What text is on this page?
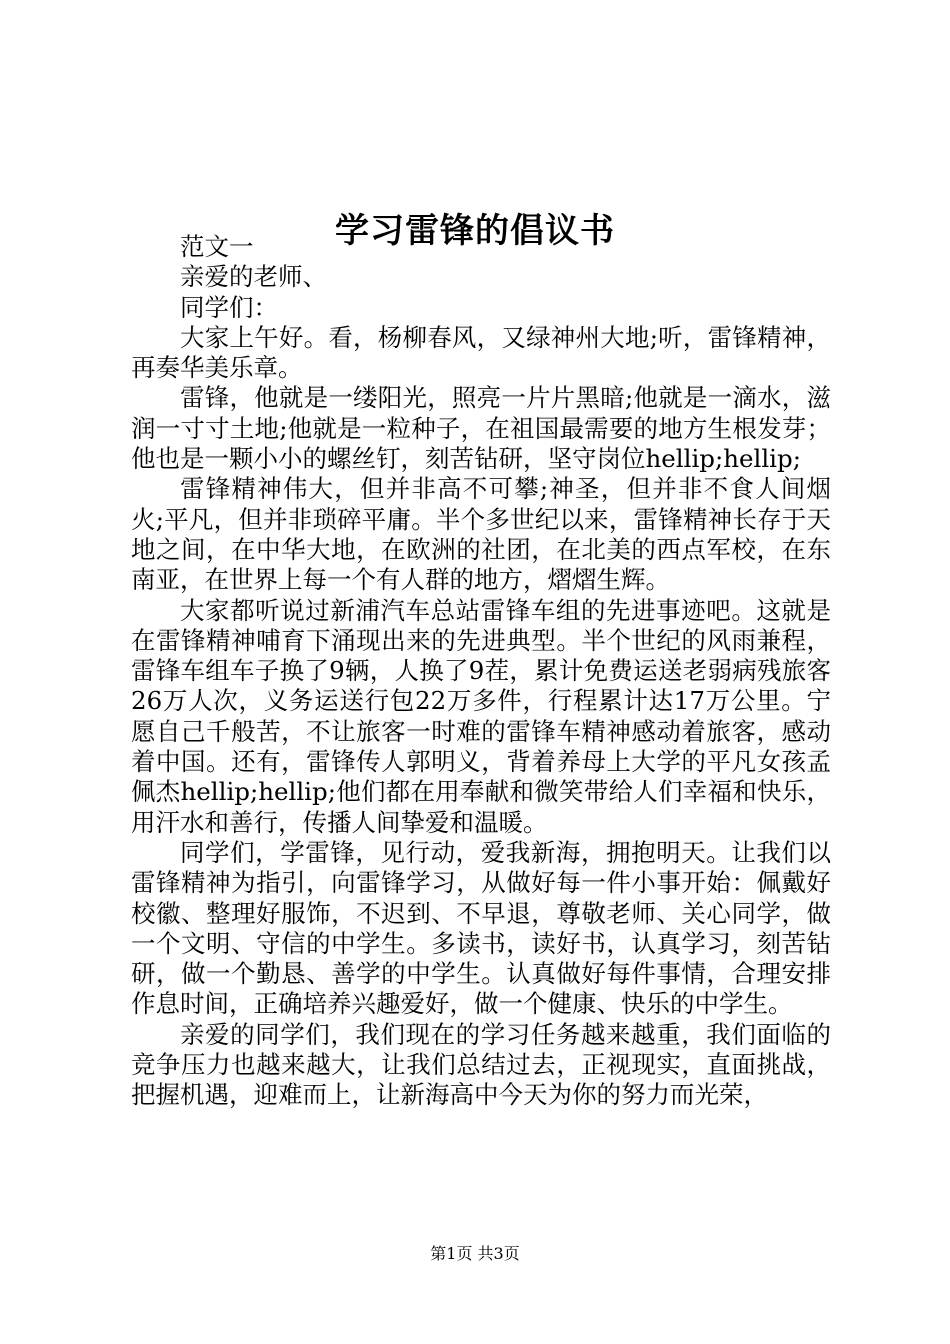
学习雷锋的倡议书

范文一

亲爱的老师、

同学们：

大家上午好。看，杨柳春风，又绿神州大地;听，雷锋精神，再奏华美乐章。

雷锋，他就是一缕阳光，照亮一片片黑暗;他就是一滴水，滋润一寸寸土地;他就是一粒种子，在祖国最需要的地方生根发芽；他也是一颗小小的螺丝钉，刻苦钻研，坚守岗位hellip;hellip;

雷锋精神伟大，但并非高不可攀;神圣，但并非不食人间烟火;平凡，但并非琐碎平庸。半个多世纪以来，雷锋精神长存于天地之间，在中华大地，在欧洲的社团，在北美的西点军校，在东南亚，在世界上每一个有人群的地方，熠熠生辉。

大家都听说过新浦汽车总站雷锋车组的先进事迹吧。这就是在雷锋精神哺育下涌现出来的先进典型。半个世纪的风雨兼程，雷锋车组车子换了9辆，人换了9茬，累计免费运送老弱病残旅客26万人次，义务运送行包22万多件，行程累计达17万公里。宁愿自己千般苦，不让旅客一时难的雷锋车精神感动着旅客，感动着中国。还有，雷锋传人郭明义，背着养母上大学的平凡女孩孟佩杰hellip;hellip;他们都在用奉献和微笑带给人们幸福和快乐，用汗水和善行，传播人间挚爱和温暖。

同学们，学雷锋，见行动，爱我新海，拥抱明天。让我们以雷锋精神为指引，向雷锋学习，从做好每一件小事开始：佩戴好校徽、整理好服饰，不迟到、不早退，尊敬老师、关心同学，做一个文明、守信的中学生。多读书，读好书，认真学习，刻苦钻研，做一个勤恳、善学的中学生。认真做好每件事情，合理安排作息时间，正确培养兴趣爱好，做一个健康、快乐的中学生。

亲爱的同学们，我们现在的学习任务越来越重，我们面临的竞争压力也越来越大，让我们总结过去，正视现实，直面挑战，把握机遇，迎难而上，让新海高中今天为你的努力而光荣，

第1页 共3页
